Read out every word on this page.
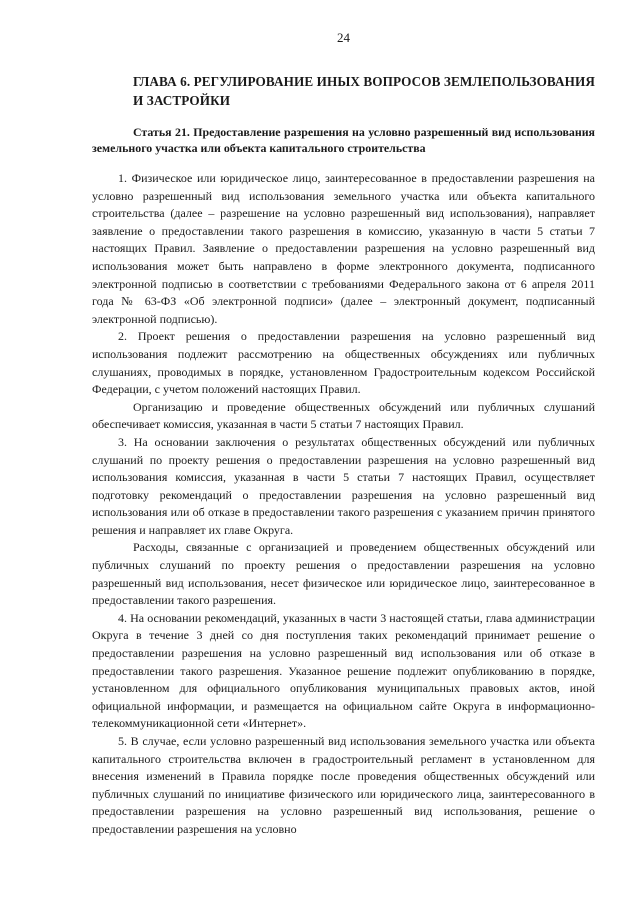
24
ГЛАВА 6. РЕГУЛИРОВАНИЕ ИНЫХ ВОПРОСОВ ЗЕМЛЕПОЛЬЗОВАНИЯ И ЗАСТРОЙКИ
Статья 21. Предоставление разрешения на условно разрешенный вид использования земельного участка или объекта капитального строительства

1. Физическое или юридическое лицо, заинтересованное в предоставлении разрешения на условно разрешенный вид использования земельного участка или объекта капитального строительства (далее – разрешение на условно разрешенный вид использования), направляет заявление о предоставлении такого разрешения в комиссию, указанную в части 5 статьи 7 настоящих Правил. Заявление о предоставлении разрешения на условно разрешенный вид использования может быть направлено в форме электронного документа, подписанного электронной подписью в соответствии с требованиями Федерального закона от 6 апреля 2011 года № 63-ФЗ «Об электронной подписи» (далее – электронный документ, подписанный электронной подписью).

2. Проект решения о предоставлении разрешения на условно разрешенный вид использования подлежит рассмотрению на общественных обсуждениях или публичных слушаниях, проводимых в порядке, установленном Градостроительным кодексом Российской Федерации, с учетом положений настоящих Правил.

Организацию и проведение общественных обсуждений или публичных слушаний обеспечивает комиссия, указанная в части 5 статьи 7 настоящих Правил.

3. На основании заключения о результатах общественных обсуждений или публичных слушаний по проекту решения о предоставлении разрешения на условно разрешенный вид использования комиссия, указанная в части 5 статьи 7 настоящих Правил, осуществляет подготовку рекомендаций о предоставлении разрешения на условно разрешенный вид использования или об отказе в предоставлении такого разрешения с указанием причин принятого решения и направляет их главе Округа.

Расходы, связанные с организацией и проведением общественных обсуждений или публичных слушаний по проекту решения о предоставлении разрешения на условно разрешенный вид использования, несет физическое или юридическое лицо, заинтересованное в предоставлении такого разрешения.

4. На основании рекомендаций, указанных в части 3 настоящей статьи, глава администрации Округа в течение 3 дней со дня поступления таких рекомендаций принимает решение о предоставлении разрешения на условно разрешенный вид использования или об отказе в предоставлении такого разрешения. Указанное решение подлежит опубликованию в порядке, установленном для официального опубликования муниципальных правовых актов, иной официальной информации, и размещается на официальном сайте Округа в информационно-телекоммуникационной сети «Интернет».

5. В случае, если условно разрешенный вид использования земельного участка или объекта капитального строительства включен в градостроительный регламент в установленном для внесения изменений в Правила порядке после проведения общественных обсуждений или публичных слушаний по инициативе физического или юридического лица, заинтересованного в предоставлении разрешения на условно разрешенный вид использования, решение о предоставлении разрешения на условно
